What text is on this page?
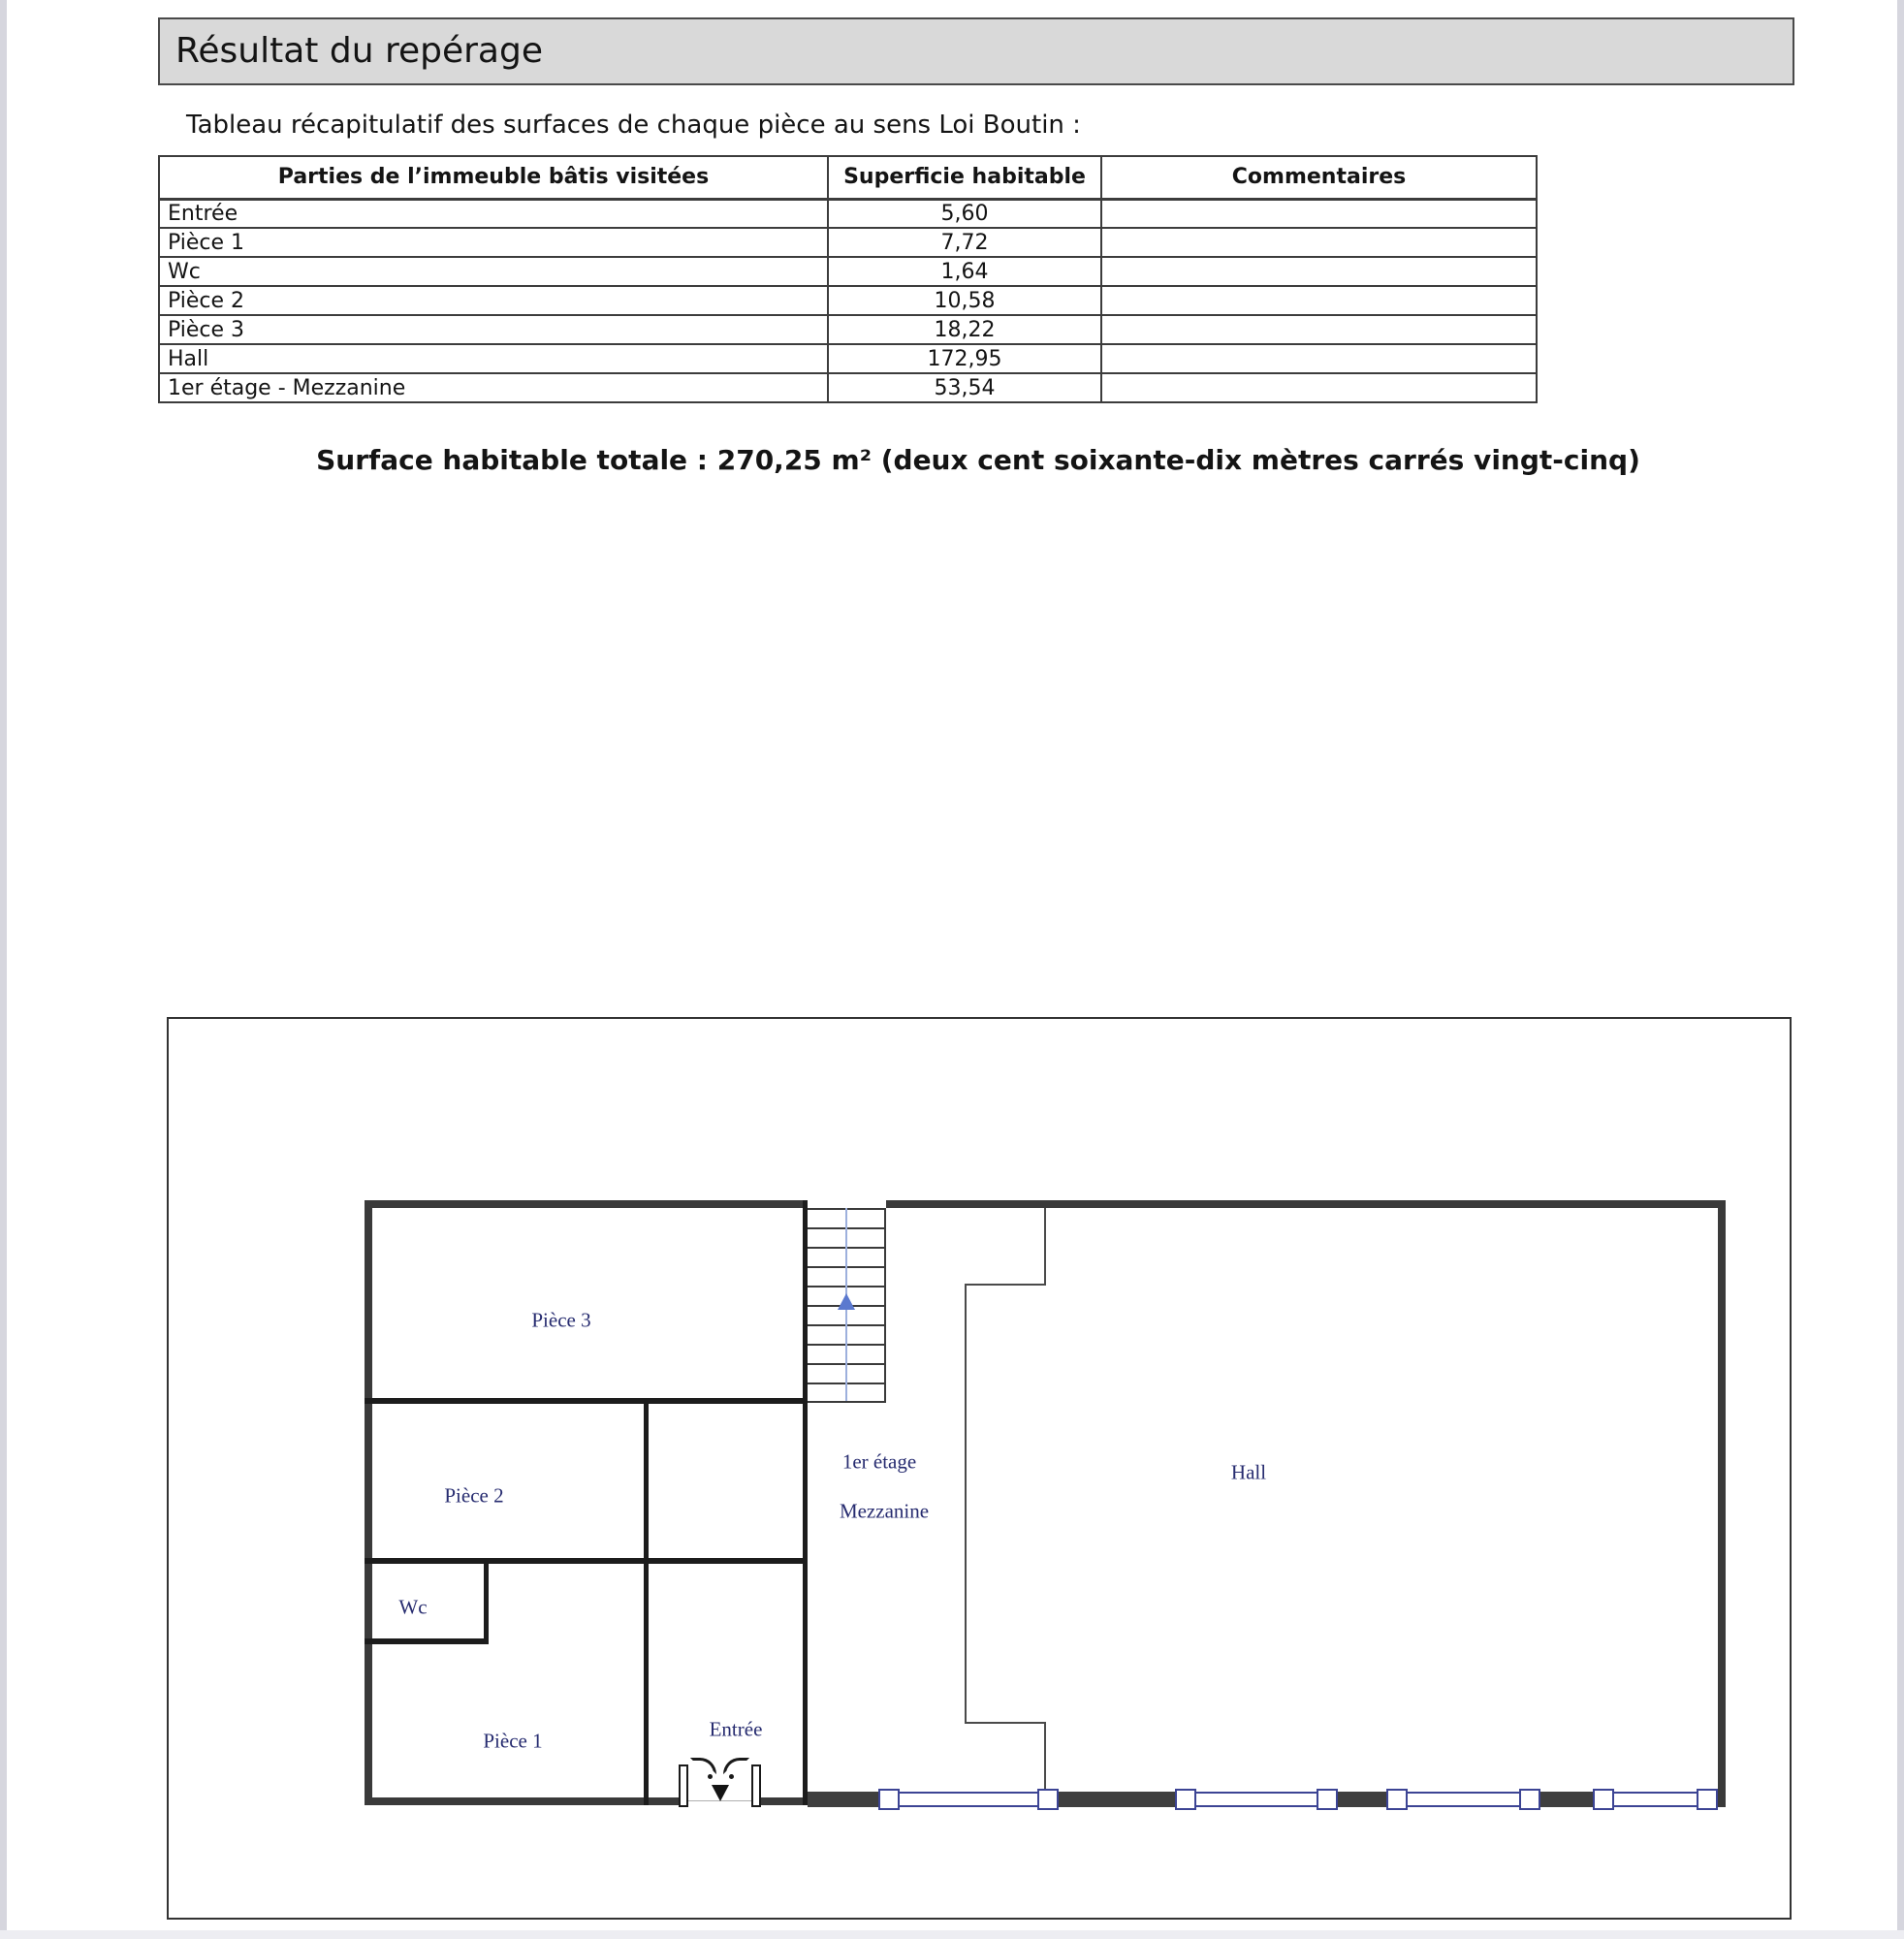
Résultat du repérage
Tableau récapitulatif des surfaces de chaque pièce au sens Loi Boutin :
Parties de l’immeuble bâtis visitées	Superficie habitable	Commentaires
Entrée	5,60	
Pièce 1	7,72	
Wc	1,64	
Pièce 2	10,58	
Pièce 3	18,22	
Hall	172,95	
1er étage - Mezzanine	53,54	
Surface habitable totale : 270,25 m² (deux cent soixante-dix mètres carrés vingt-cinq)
Pièce 3
Pièce 2
Wc
Pièce 1	Entrée
1er étage
Mezzanine
Hall
